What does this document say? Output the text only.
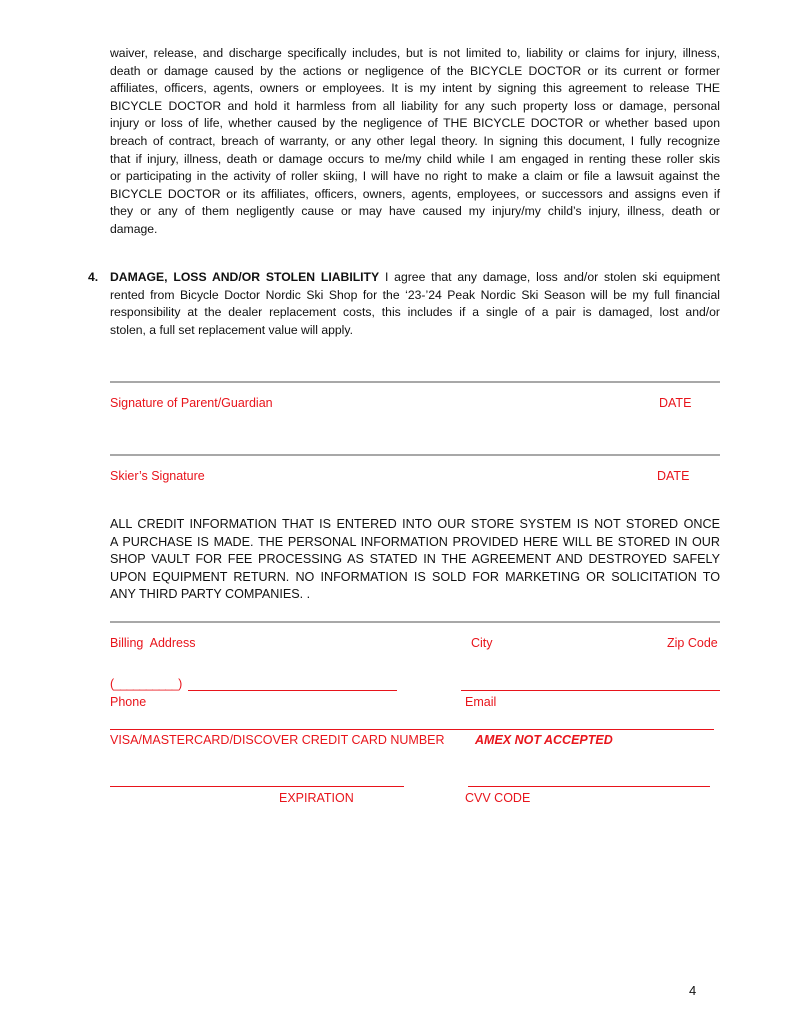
waiver, release, and discharge specifically includes, but is not limited to, liability or claims for injury, illness,
death or damage caused by the actions or negligence of the BICYCLE DOCTOR or its current or former
affiliates, officers, agents, owners or employees. It is my intent by signing this agreement to release THE
BICYCLE DOCTOR and hold it harmless from all liability for any such property loss or damage, personal
injury or loss of life, whether caused by the negligence of THE BICYCLE DOCTOR or whether based upon
breach of contract, breach of warranty, or any other legal theory. In signing this document, I fully recognize
that if injury, illness, death or damage occurs to me/my child while I am engaged in renting these roller skis
or participating in the activity of roller skiing, I will have no right to make a claim or file a lawsuit against the
BICYCLE DOCTOR or its affiliates, officers, owners, agents, employees, or successors and assigns even if
they or any of them negligently cause or may have caused my injury/my child’s injury, illness, death or
damage.
4. DAMAGE, LOSS AND/OR STOLEN LIABILITY I agree that any damage, loss and/or stolen ski equipment
rented from Bicycle Doctor Nordic Ski Shop for the ‘23-’24 Peak Nordic Ski Season will be my full financial
responsibility at the dealer replacement costs, this includes if a single of a pair is damaged, lost and/or
stolen, a full set replacement value will apply.
Signature of Parent/Guardian	DATE
Skier’s Signature	DATE
ALL CREDIT INFORMATION THAT IS ENTERED INTO OUR STORE SYSTEM IS NOT STORED ONCE
A PURCHASE IS MADE. THE PERSONAL INFORMATION PROVIDED HERE WILL BE STORED IN OUR
SHOP VAULT FOR FEE PROCESSING AS STATED IN THE AGREEMENT AND DESTROYED SAFELY
UPON EQUIPMENT RETURN. NO INFORMATION IS SOLD FOR MARKETING OR SOLICITATION TO
ANY THIRD PARTY COMPANIES. .
Billing  Address	City	Zip Code
(__________)
Phone	Email
VISA/MASTERCARD/DISCOVER CREDIT CARD NUMBER AMEX NOT ACCEPTED
EXPIRATION	CVV CODE
4
